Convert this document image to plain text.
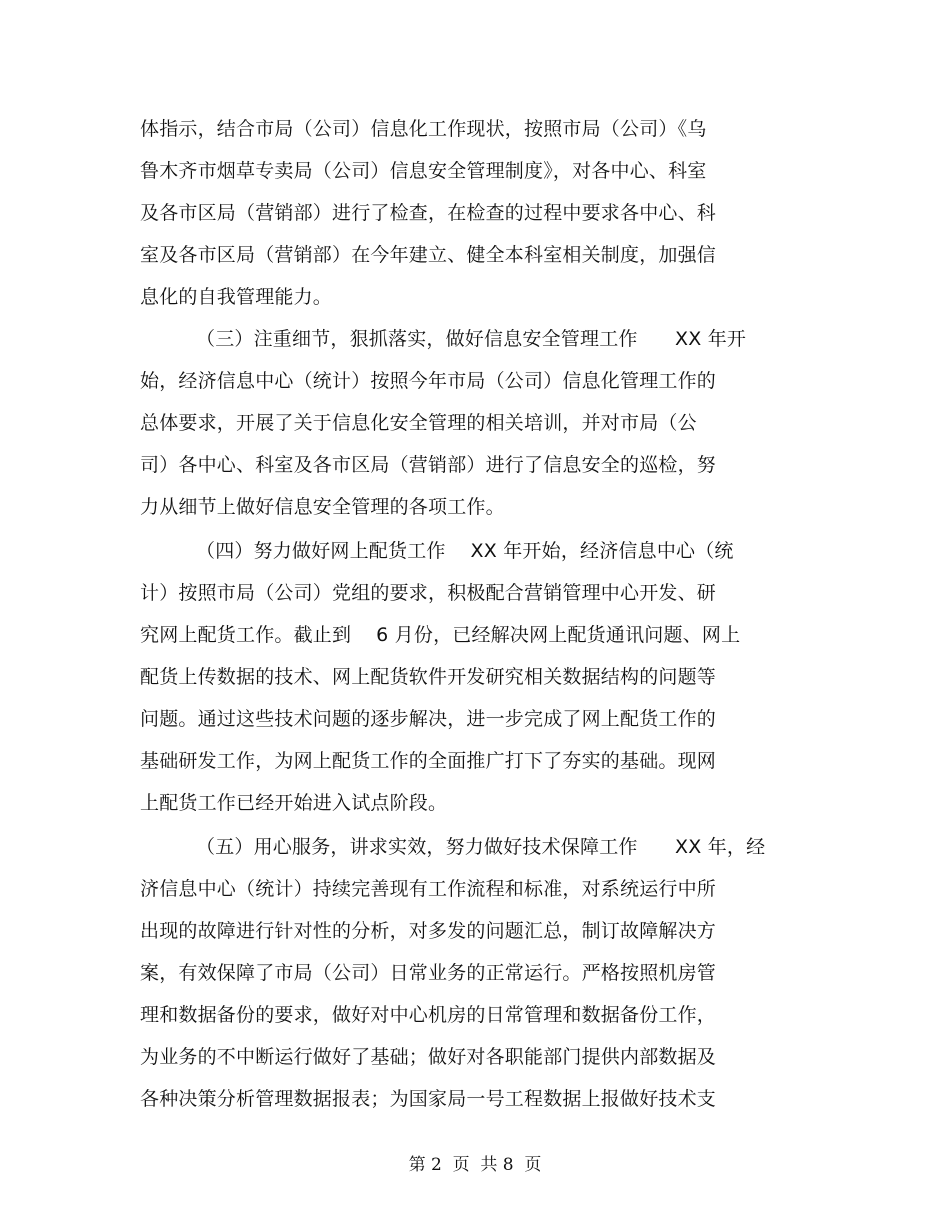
体指示，结合市局（公司）信息化工作现状，按照市局（公司）《乌
鲁木齐市烟草专卖局（公司）信息安全管理制度》，对各中心、科室
及各市区局（营销部）进行了检查，在检查的过程中要求各中心、科
室及各市区局（营销部）在今年建立、健全本科室相关制度，加强信
息化的自我管理能力。
（三）注重细节，狠抓落实，做好信息安全管理工作      XX 年开
始，经济信息中心（统计）按照今年市局（公司）信息化管理工作的
总体要求，开展了关于信息化安全管理的相关培训，并对市局（公
司）各中心、科室及各市区局（营销部）进行了信息安全的巡检，努
力从细节上做好信息安全管理的各项工作。
（四）努力做好网上配货工作    XX 年开始，经济信息中心（统
计）按照市局（公司）党组的要求，积极配合营销管理中心开发、研
究网上配货工作。截止到    6 月份，已经解决网上配货通讯问题、网上
配货上传数据的技术、网上配货软件开发研究相关数据结构的问题等
问题。通过这些技术问题的逐步解决，进一步完成了网上配货工作的
基础研发工作，为网上配货工作的全面推广打下了夯实的基础。现网
上配货工作已经开始进入试点阶段。
（五）用心服务，讲求实效，努力做好技术保障工作      XX 年，经
济信息中心（统计）持续完善现有工作流程和标准，对系统运行中所
出现的故障进行针对性的分析，对多发的问题汇总，制订故障解决方
案，有效保障了市局（公司）日常业务的正常运行。严格按照机房管
理和数据备份的要求，做好对中心机房的日常管理和数据备份工作，
为业务的不中断运行做好了基础；做好对各职能部门提供内部数据及
各种决策分析管理数据报表；为国家局一号工程数据上报做好技术支
第 2  页  共 8  页
